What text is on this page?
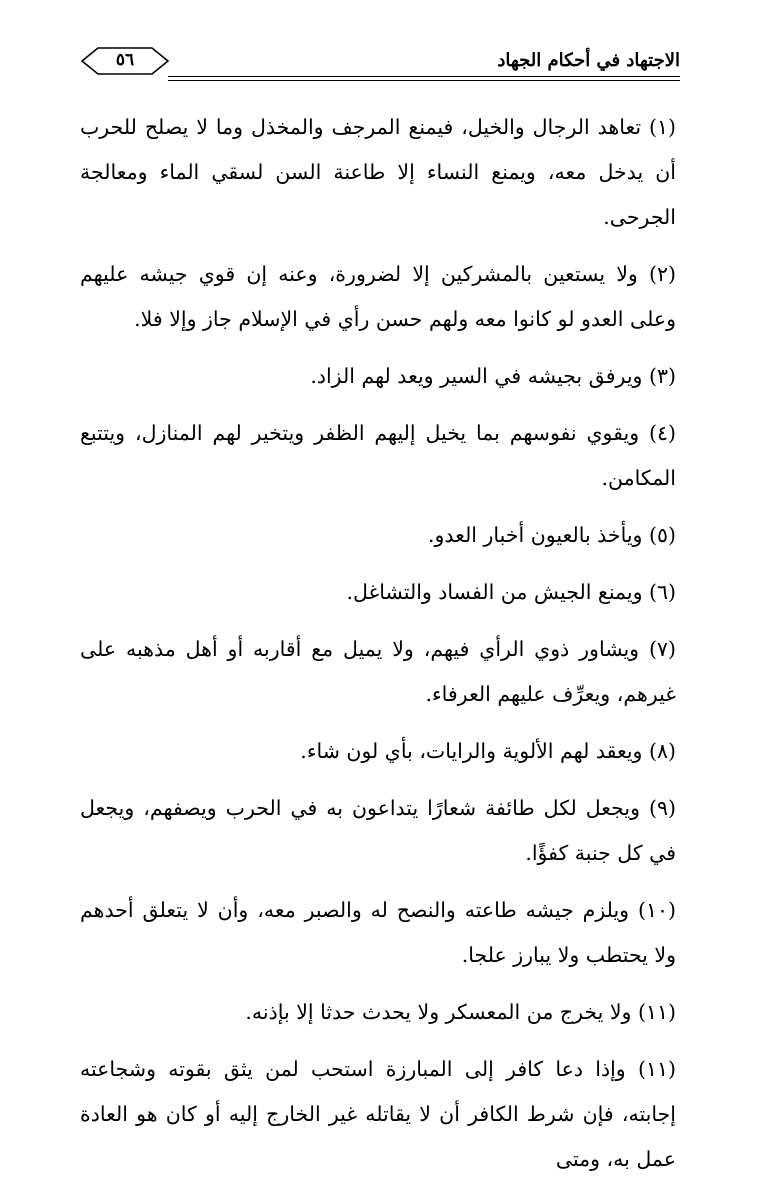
الاجتهاد في أحكام الجهاد
٥٦

(١) تعاهد الرجال والخيل، فيمنع المرجف والمخذل وما لا يصلح للحرب أن يدخل معه، ويمنع النساء إلا طاعنة السن لسقي الماء ومعالجة الجرحى.

(٢) ولا يستعين بالمشركين إلا لضرورة، وعنه إن قوي جيشه عليهم وعلى العدو لو كانوا معه ولهم حسن رأي في الإسلام جاز وإلا فلا.

(٣) ويرفق بجيشه في السير ويعد لهم الزاد.

(٤) ويقوي نفوسهم بما يخيل إليهم الظفر ويتخير لهم المنازل، ويتتبع المكامن.

(٥) ويأخذ بالعيون أخبار العدو.

(٦) ويمنع الجيش من الفساد والتشاغل.

(٧) ويشاور ذوي الرأي فيهم، ولا يميل مع أقاربه أو أهل مذهبه على غيرهم، ويعرِّف عليهم العرفاء.

(٨) ويعقد لهم الألوية والرايات، بأي لون شاء.

(٩) ويجعل لكل طائفة شعارًا يتداعون به في الحرب ويصفهم، ويجعل في كل جنبة كفؤًا.

(١٠) ويلزم جيشه طاعته والنصح له والصبر معه، وأن لا يتعلق أحدهم ولا يحتطب ولا يبارز علجا.

(١١) ولا يخرج من المعسكر ولا يحدث حدثا إلا بإذنه.

(١١) وإذا دعا كافر إلى المبارزة استحب لمن يثق بقوته وشجاعته إجابته، فإن شرط الكافر أن لا يقاتله غير الخارج إليه أو كان هو العادة عمل به، ومتى
